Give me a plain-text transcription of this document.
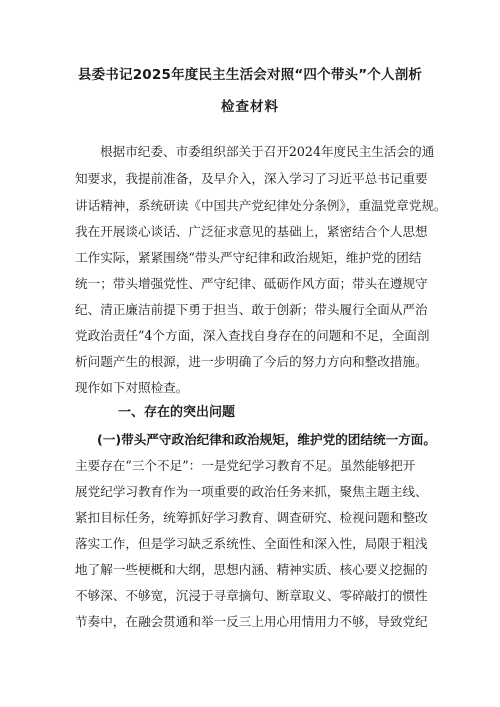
县委书记2025年度民主生活会对照“四个带头”个人剖析
检查材料
根据市纪委、市委组织部关于召开2024年度民主生活会的通
知要求，我提前准备，及早介入，深入学习了习近平总书记重要
讲话精神，系统研读《中国共产党纪律处分条例》，重温党章党规。
我在开展谈心谈话、广泛征求意见的基础上，紧密结合个人思想
工作实际，紧紧围绕“带头严守纪律和政治规矩，维护党的团结
统一；带头增强党性、严守纪律、砥砺作风方面；带头在遵规守
纪、清正廉洁前提下勇于担当、敢于创新；带头履行全面从严治
党政治责任”4个方面，深入查找自身存在的问题和不足，全面剖
析问题产生的根源，进一步明确了今后的努力方向和整改措施。
现作如下对照检查。
一、存在的突出问题
(一)带头严守政治纪律和政治规矩，维护党的团结统一方面。
主要存在“三个不足”：一是党纪学习教育不足。虽然能够把开
展党纪学习教育作为一项重要的政治任务来抓，聚焦主题主线、
紧扣目标任务，统筹抓好学习教育、调查研究、检视问题和整改
落实工作，但是学习缺乏系统性、全面性和深入性，局限于粗浅
地了解一些梗概和大纲，思想内涵、精神实质、核心要义挖掘的
不够深、不够宽，沉浸于寻章摘句、断章取义、零碎敲打的惯性
节奏中，在融会贯通和举一反三上用心用情用力不够，导致党纪
